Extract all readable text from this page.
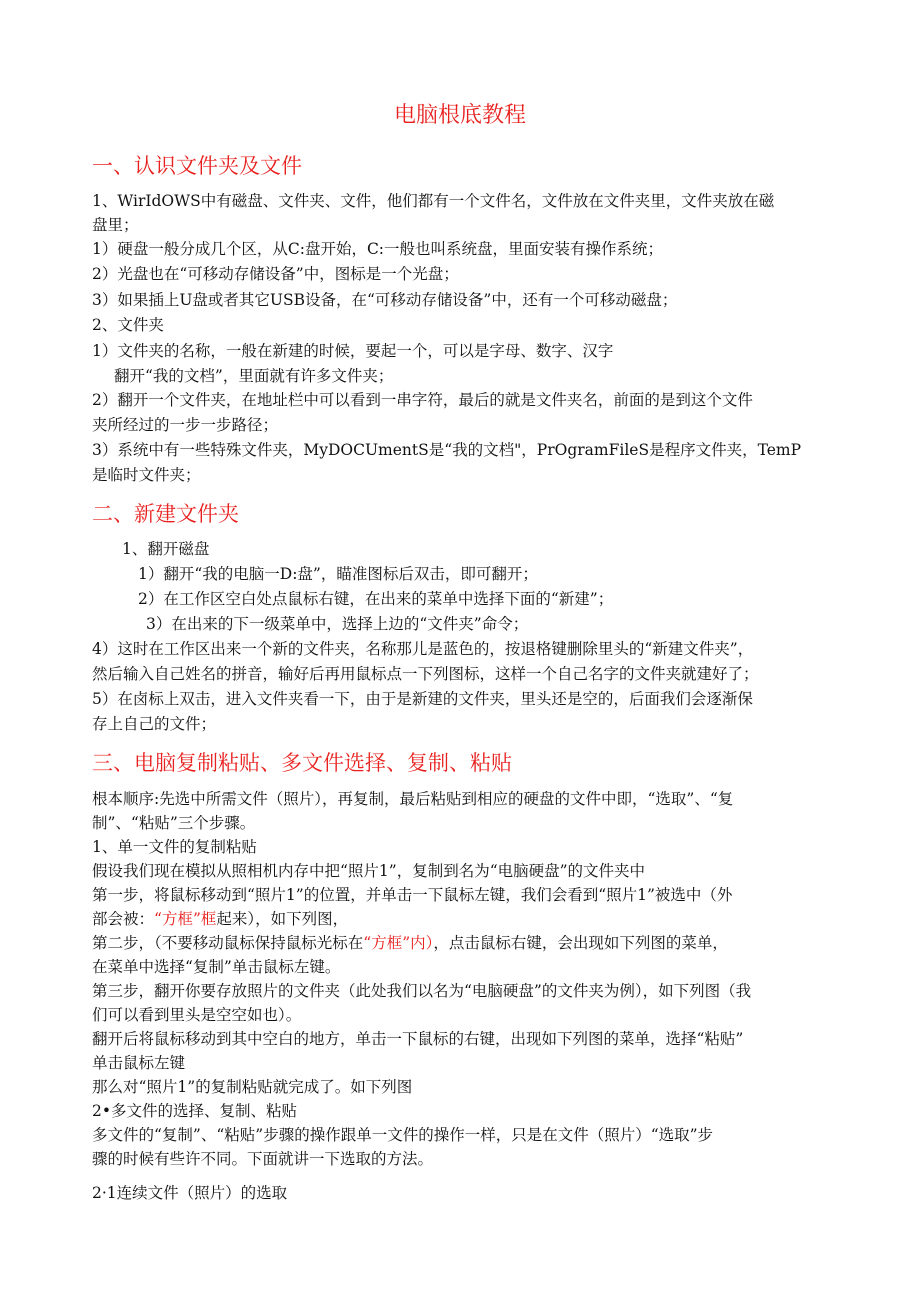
电脑根底教程
一、认识文件夹及文件
1、WirIdOWS中有磁盘、文件夹、文件，他们都有一个文件名，文件放在文件夹里，文件夹放在磁
盘里；
1）硬盘一般分成几个区，从C:盘开始，C:一般也叫系统盘，里面安装有操作系统；
2）光盘也在“可移动存储设备”中，图标是一个光盘；
3）如果插上U盘或者其它USB设备，在“可移动存储设备”中，还有一个可移动磁盘；
2、文件夹
1）文件夹的名称，一般在新建的时候，要起一个，可以是字母、数字、汉字
翻开“我的文档”，里面就有许多文件夹；
2）翻开一个文件夹，在地址栏中可以看到一串字符，最后的就是文件夹名，前面的是到这个文件
夹所经过的一步一步路径；
3）系统中有一些特殊文件夹，MyDOCUmentS是“我的文档"，PrOgramFileS是程序文件夹，TemP
是临时文件夹；
二、新建文件夹
1、翻开磁盘
1）翻开“我的电脑一D:盘”，瞄准图标后双击，即可翻开；
2）在工作区空白处点鼠标右键，在出来的菜单中选择下面的“新建”；
3）在出来的下一级菜单中，选择上边的“文件夹”命令；
4）这时在工作区出来一个新的文件夹，名称那儿是蓝色的，按退格键删除里头的“新建文件夹”，
然后输入自己姓名的拼音，输好后再用鼠标点一下列图标，这样一个自己名字的文件夹就建好了；
5）在卤标上双击，进入文件夹看一下，由于是新建的文件夹，里头还是空的，后面我们会逐渐保
存上自己的文件；
三、电脑复制粘贴、多文件选择、复制、粘贴
根本顺序:先选中所需文件（照片），再复制，最后粘贴到相应的硬盘的文件中即，“选取”、“复
制”、“粘贴”三个步骤。
1、单一文件的复制粘贴
假设我们现在模拟从照相机内存中把“照片1”，复制到名为“电脑硬盘”的文件夹中
第一步，将鼠标移动到“照片1”的位置，并单击一下鼠标左键，我们会看到“照片1”被选中（外
部会被：“方框”框起来），如下列图，
第二步，（不要移动鼠标保持鼠标光标在“方框”内），点击鼠标右键，会出现如下列图的菜单，
在菜单中选择“复制”单击鼠标左键。
第三步，翻开你要存放照片的文件夹（此处我们以名为“电脑硬盘”的文件夹为例），如下列图（我
们可以看到里头是空空如也）。
翻开后将鼠标移动到其中空白的地方，单击一下鼠标的右键，出现如下列图的菜单，选择“粘贴”
单击鼠标左键
那么对“照片1”的复制粘贴就完成了。如下列图
2•多文件的选择、复制、粘贴
多文件的“复制”、“粘贴”步骤的操作跟单一文件的操作一样，只是在文件（照片）“选取”步
骤的时候有些许不同。下面就讲一下选取的方法。
2·1连续文件（照片）的选取
